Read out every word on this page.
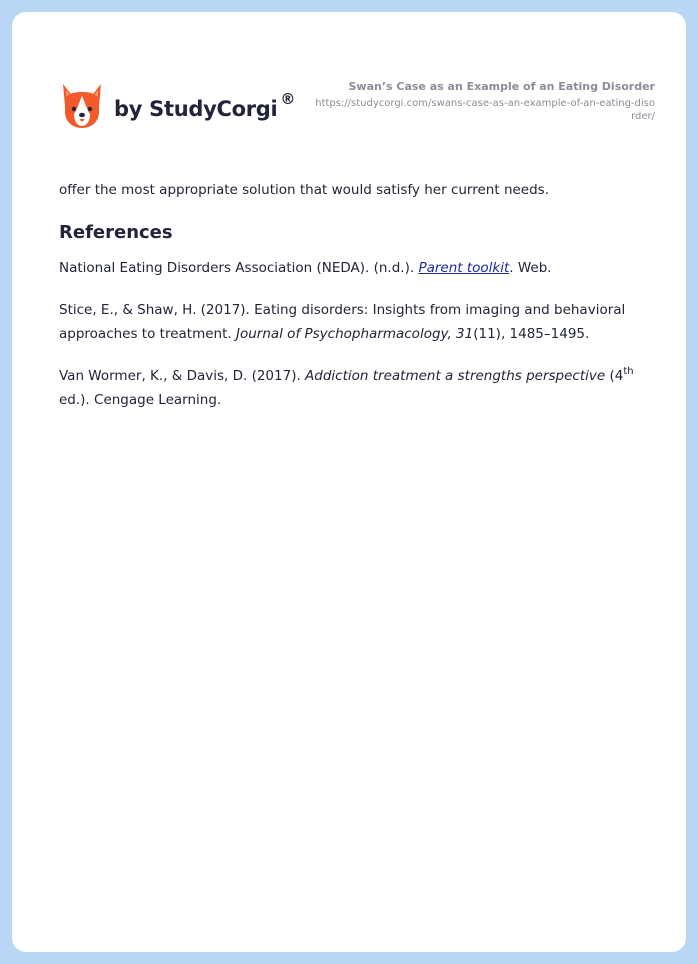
by StudyCorgi ®
Swan’s Case as an Example of an Eating Disorder
https://studycorgi.com/swans-case-as-an-example-of-an-eating-disorder/

offer the most appropriate solution that would satisfy her current needs.

References

National Eating Disorders Association (NEDA). (n.d.). Parent toolkit. Web.

Stice, E., & Shaw, H. (2017). Eating disorders: Insights from imaging and behavioral approaches to treatment. Journal of Psychopharmacology, 31(11), 1485–1495.

Van Wormer, K., & Davis, D. (2017). Addiction treatment a strengths perspective (4th ed.). Cengage Learning.
